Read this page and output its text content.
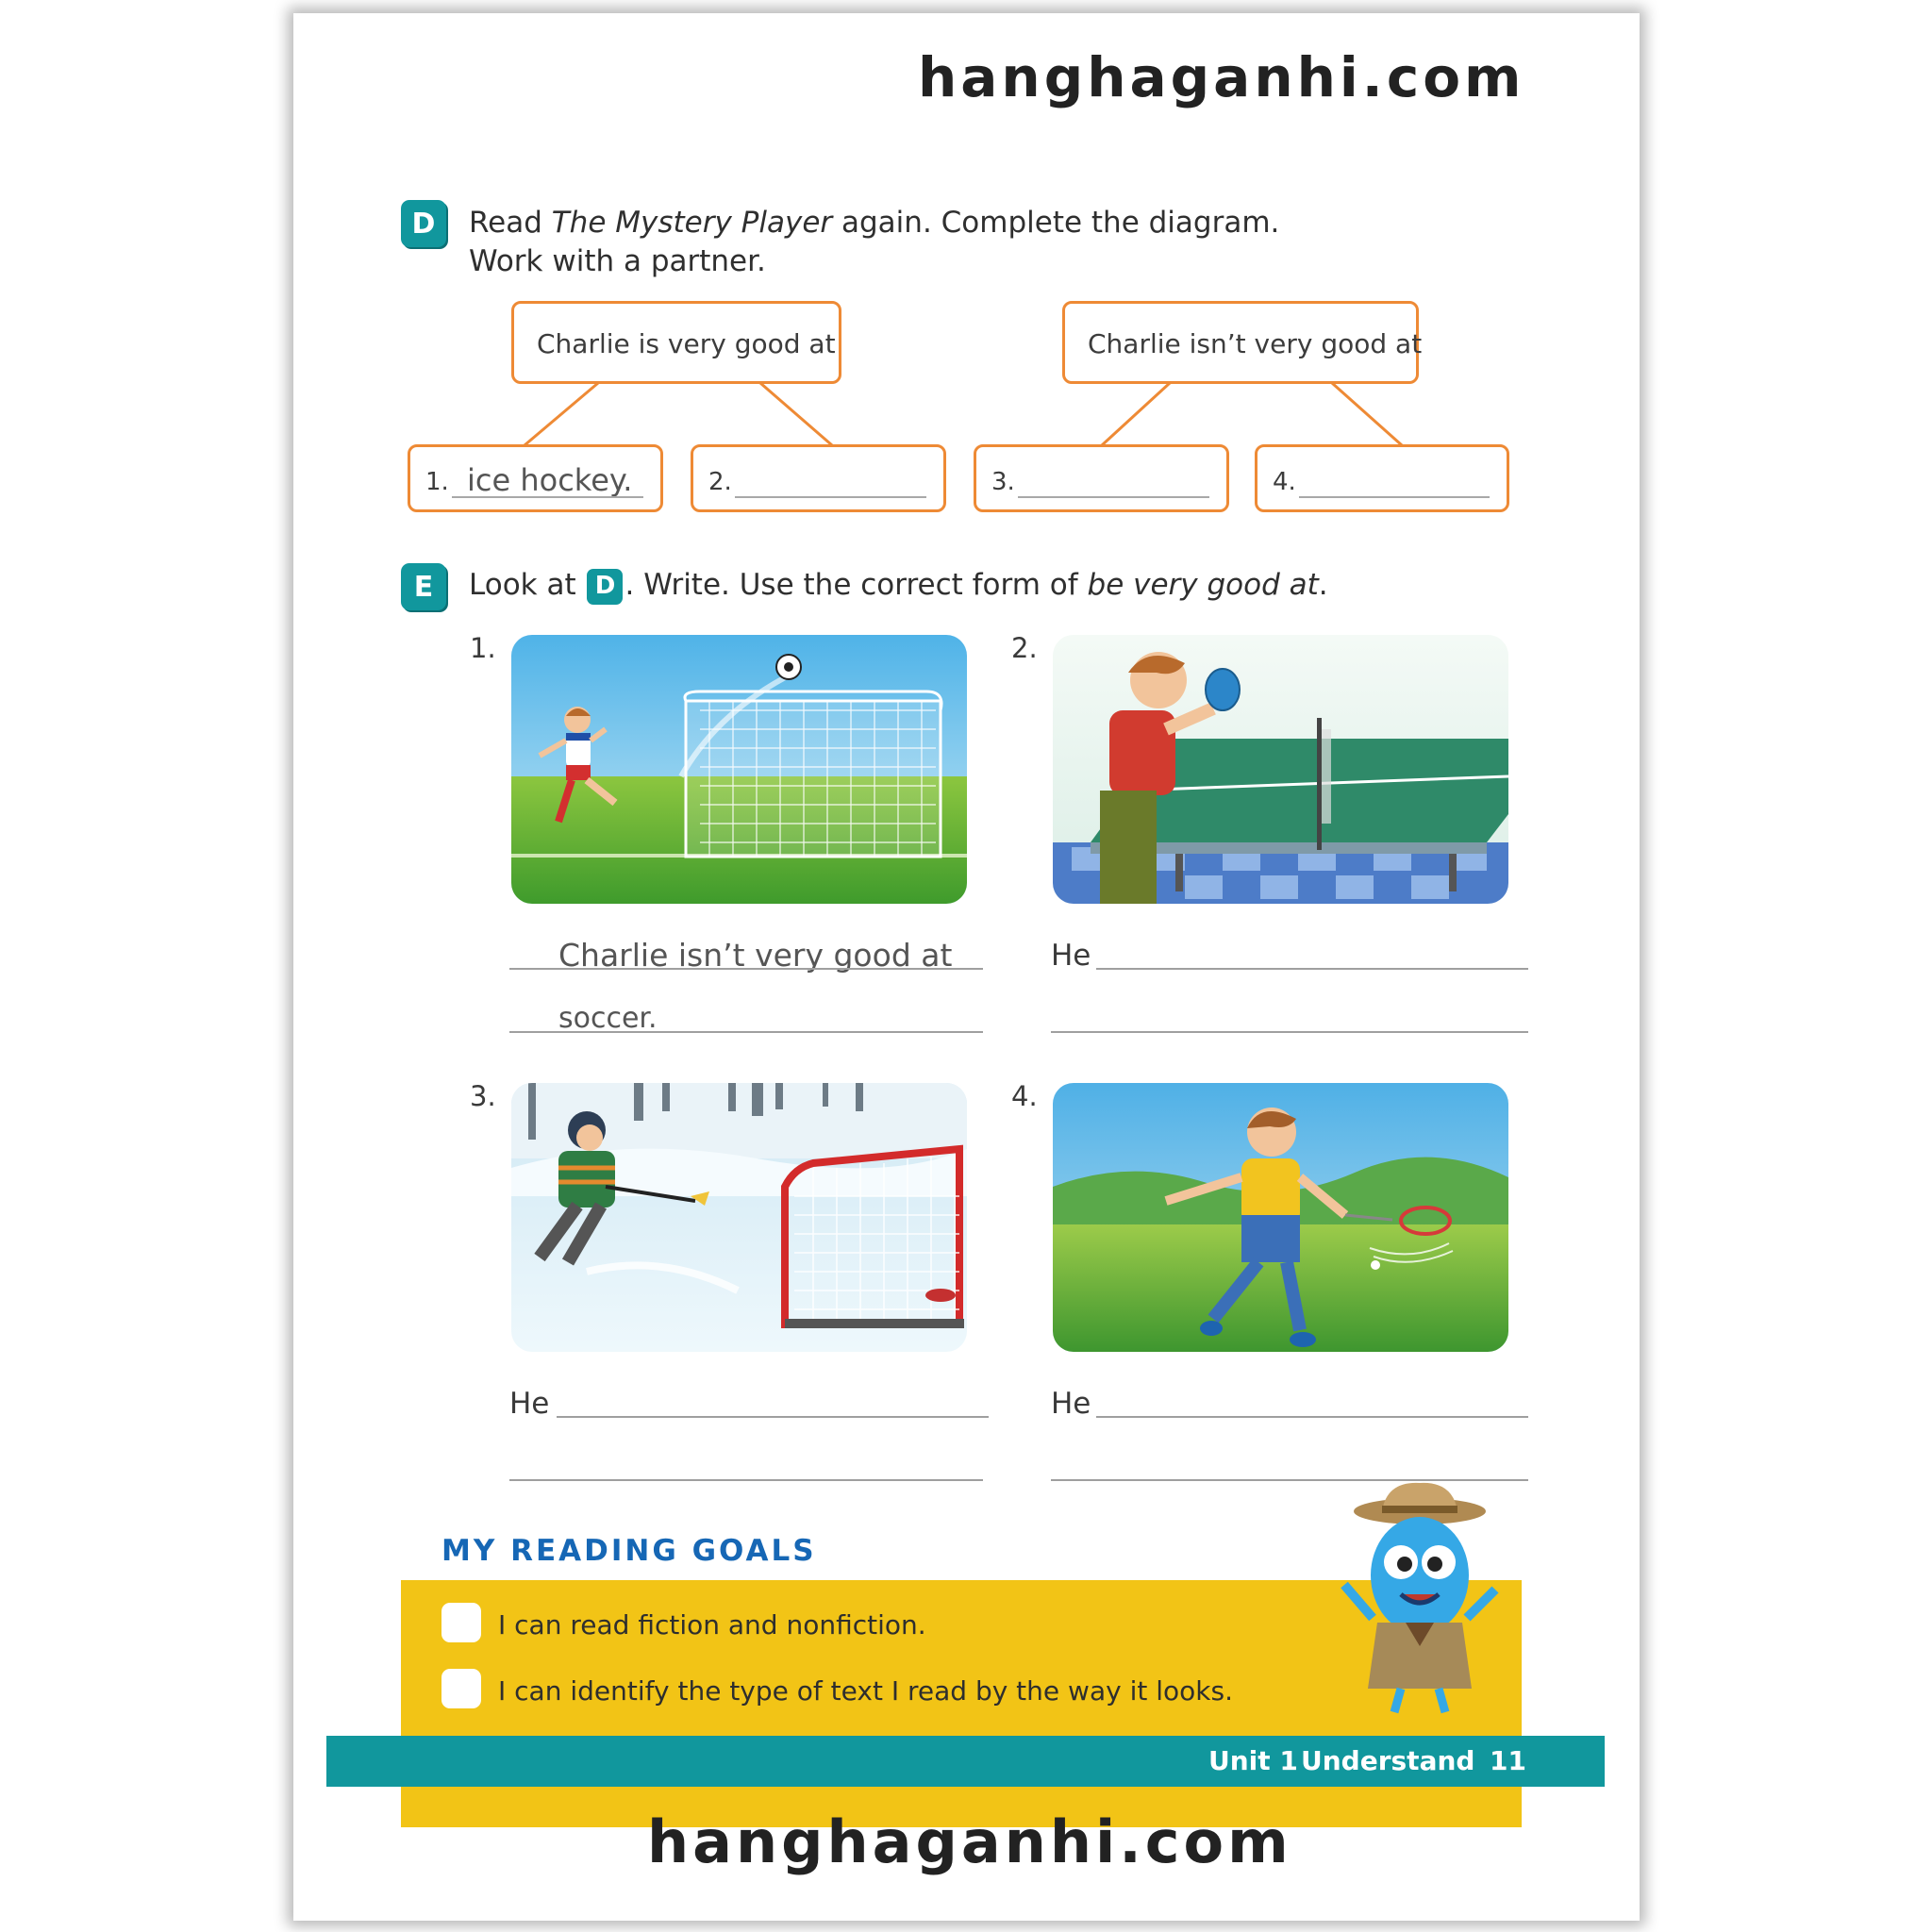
hanghaganhi.com
D	Read The Mystery Player again. Complete the diagram.
Work with a partner.
Charlie is very good at	Charlie isn’t very good at
1. ice hockey.	2.	3.	4.
E	Look at D . Write. Use the correct form of be very good at.
1.	2.
3.	4.
Charlie isn’t very good at
soccer.
He
He	He
MY READING GOALS
I can read fiction and nonfiction.
I can identify the type of text I read by the way it looks.
Unit 1 Understand 11
hanghaganhi.com
